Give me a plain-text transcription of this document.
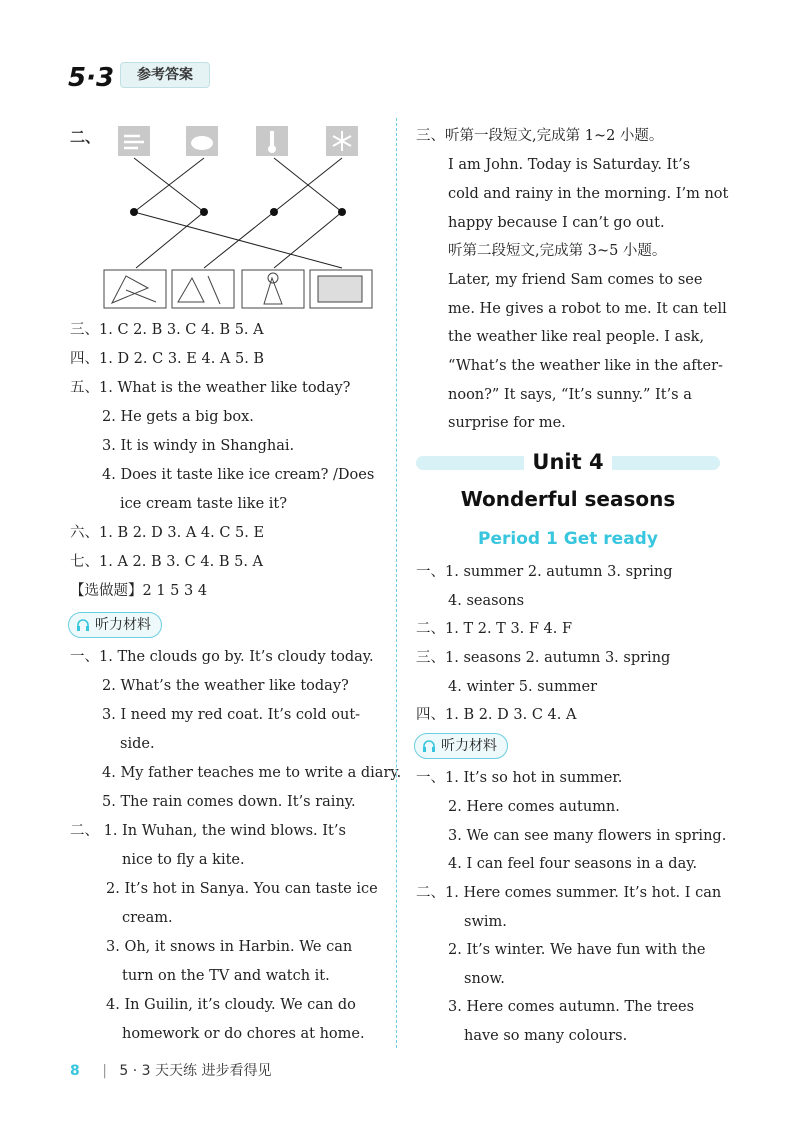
5·3	参考答案
二、
三、1. C 2. B 3. C 4. B 5. A
四、1. D 2. C 3. E 4. A 5. B
五、1. What is the weather like today?
2. He gets a big box.
3. It is windy in Shanghai.
4. Does it taste like ice cream? /Does
ice cream taste like it?
六、1. B 2. D 3. A 4. C 5. E
七、1. A 2. B 3. C 4. B 5. A
【选做题】2 1 5 3 4
听力材料
一、1. The clouds go by. It’s cloudy today.
2. What’s the weather like today?
3. I need my red coat. It’s cold out-
side.
4. My father teaches me to write a diary.
5. The rain comes down. It’s rainy.
二、 1. In Wuhan, the wind blows. It’s
nice to fly a kite.
2. It’s hot in Sanya. You can taste ice
cream.
3. Oh, it snows in Harbin. We can
turn on the TV and watch it.
4. In Guilin, it’s cloudy. We can do
homework or do chores at home.
三、听第一段短文,完成第 1~2 小题。
I am John. Today is Saturday. It’s
cold and rainy in the morning. I’m not
happy because I can’t go out.
听第二段短文,完成第 3~5 小题。
Later, my friend Sam comes to see
me. He gives a robot to me. It can tell
the weather like real people. I ask,
“What’s the weather like in the after-
noon?” It says, “It’s sunny.” It’s a
surprise for me.
Unit 4
Wonderful seasons
Period 1 Get ready
一、1. summer 2. autumn 3. spring
4. seasons
二、1. T 2. T 3. F 4. F
三、1. seasons 2. autumn 3. spring
4. winter 5. summer
四、1. B 2. D 3. C 4. A
听力材料
一、1. It’s so hot in summer.
2. Here comes autumn.
3. We can see many flowers in spring.
4. I can feel four seasons in a day.
二、1. Here comes summer. It’s hot. I can
swim.
2. It’s winter. We have fun with the
snow.
3. Here comes autumn. The trees
have so many colours.
8 | 5 · 3 天天练 进步看得见
